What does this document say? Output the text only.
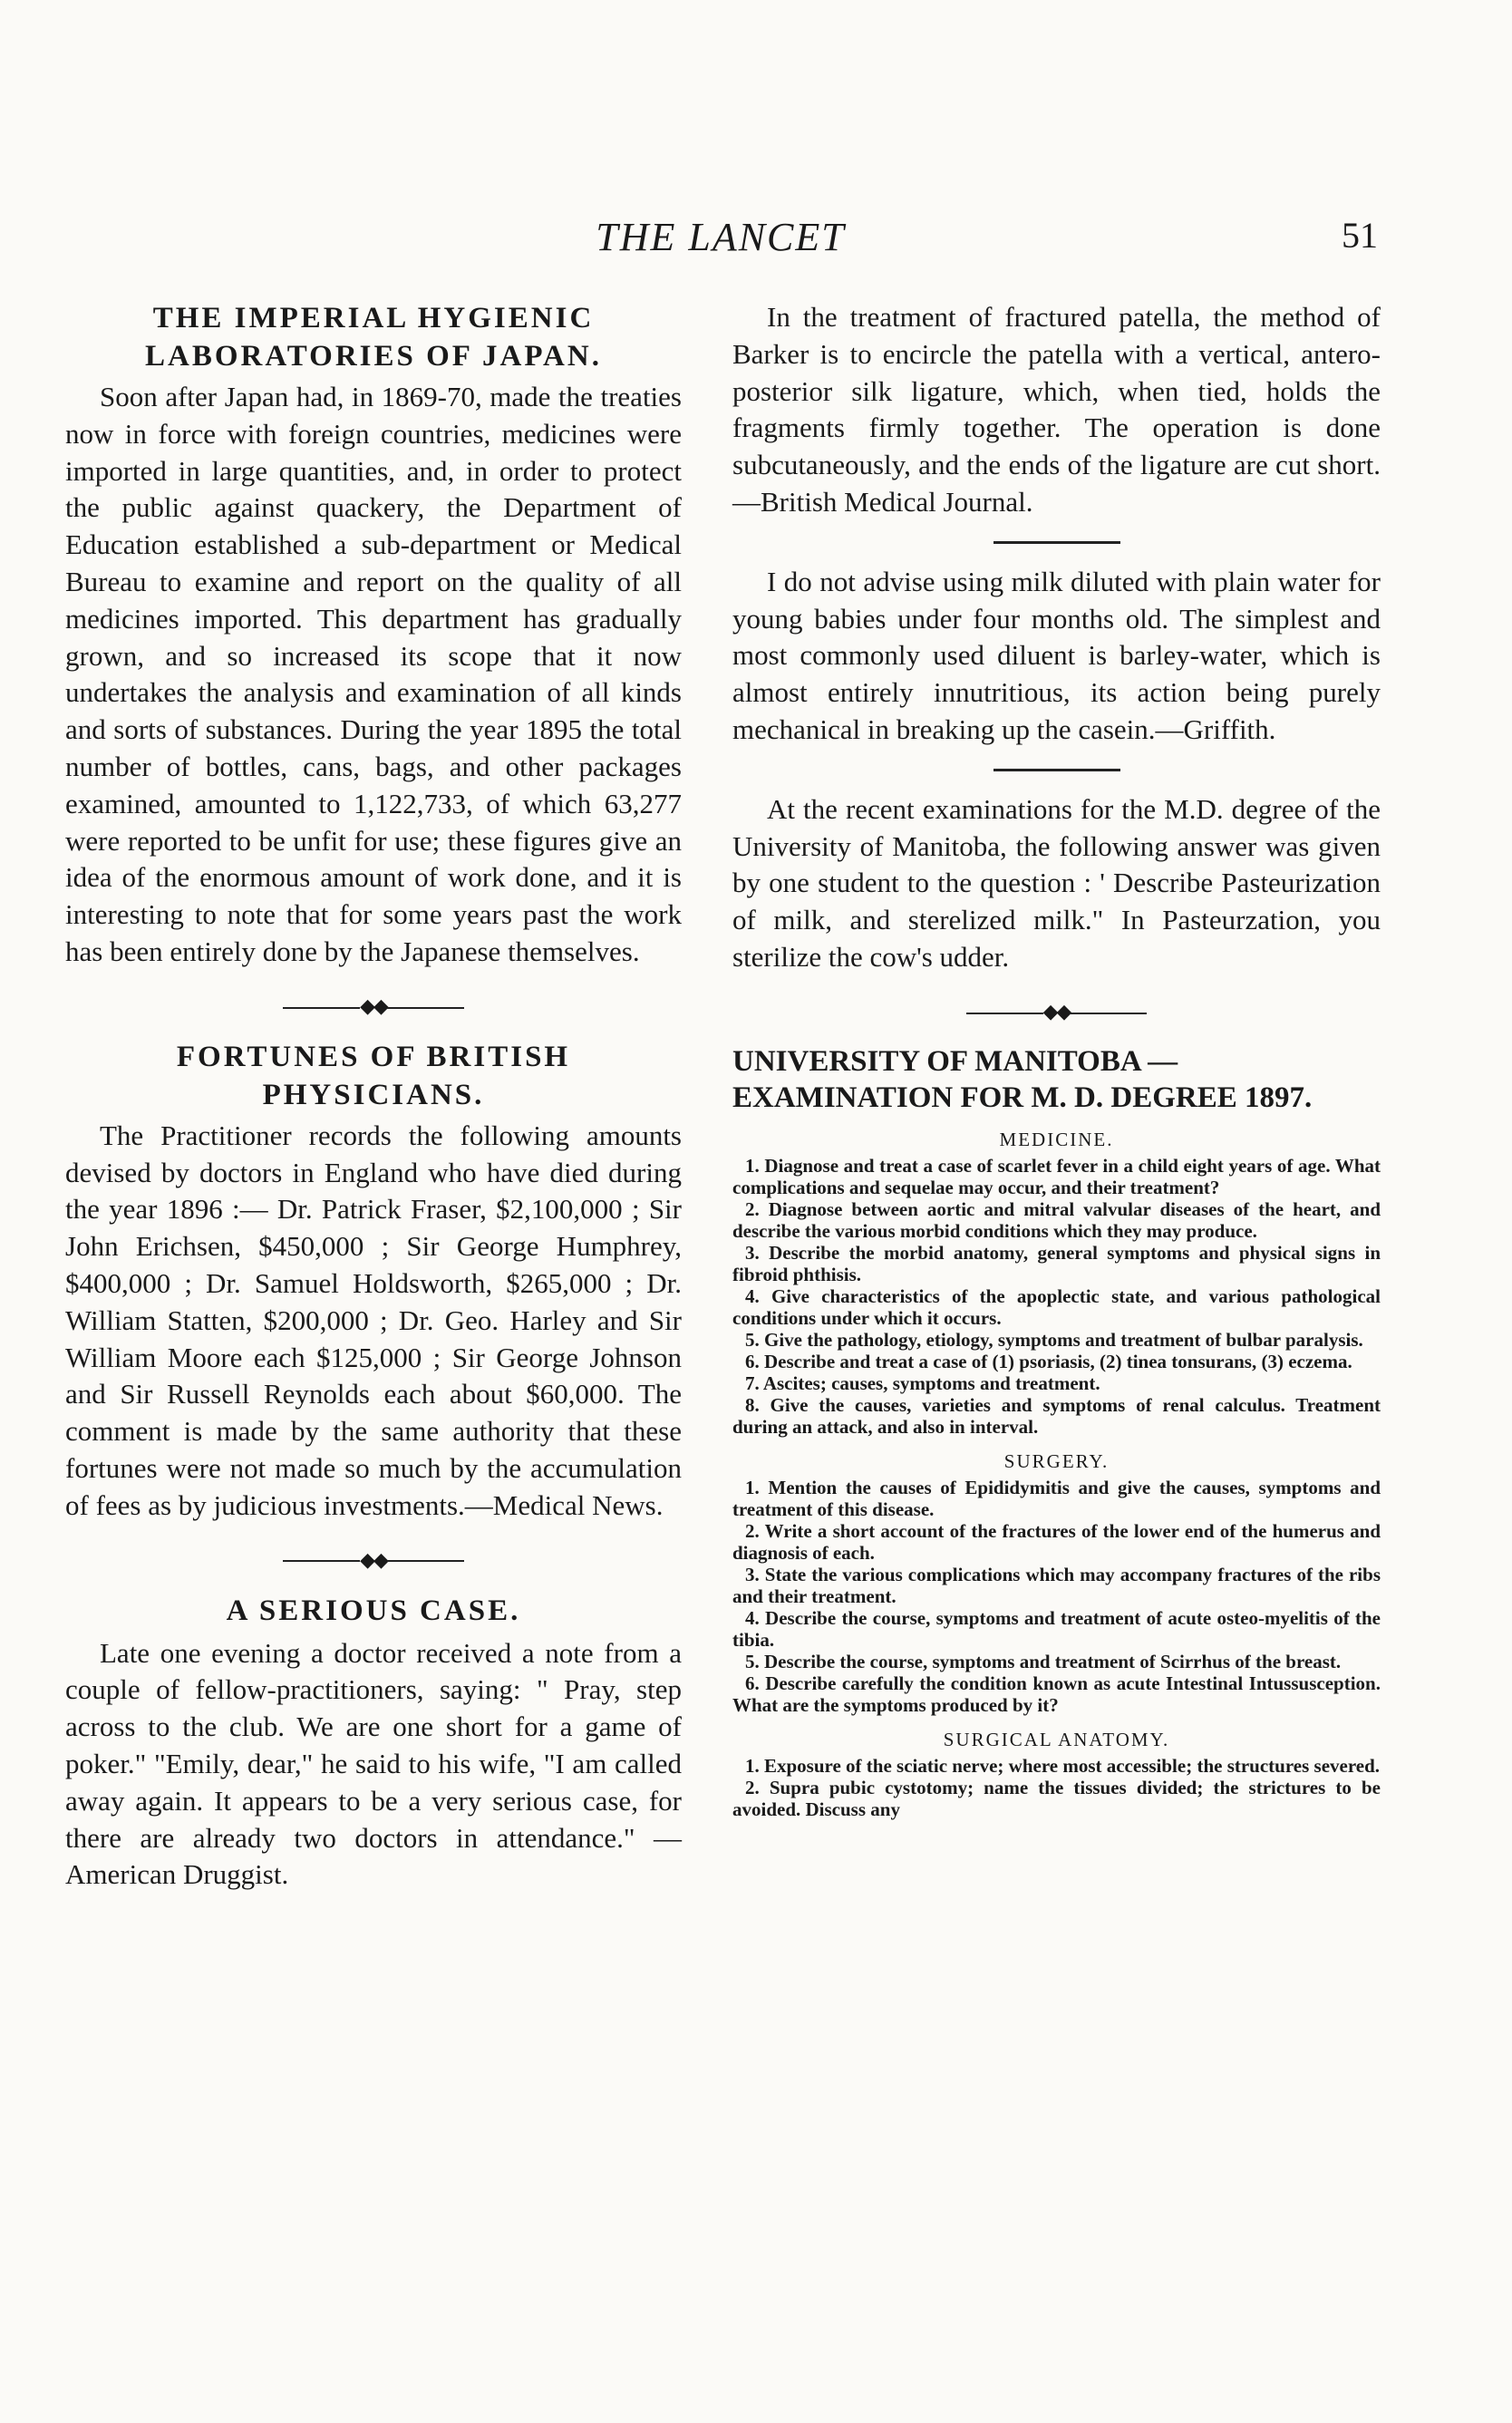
THE LANCET	51
THE IMPERIAL HYGIENIC LABORATORIES OF JAPAN.

Soon after Japan had, in 1869-70, made the treaties now in force with foreign countries, medicines were imported in large quantities, and, in order to protect the public against quackery, the Department of Education established a sub-department or Medical Bureau to examine and report on the quality of all medicines imported. This department has gradually grown, and so increased its scope that it now undertakes the analysis and examination of all kinds and sorts of substances. During the year 1895 the total number of bottles, cans, bags, and other packages examined, amounted to 1,122,733, of which 63,277 were reported to be unfit for use; these figures give an idea of the enormous amount of work done, and it is interesting to note that for some years past the work has been entirely done by the Japanese themselves.

◆◆
FORTUNES OF BRITISH PHYSICIANS.

The Practitioner records the following amounts devised by doctors in England who have died during the year 1896 :— Dr. Patrick Fraser, $2,100,000 ; Sir John Erichsen, $450,000 ; Sir George Humphrey, $400,000 ; Dr. Samuel Holdsworth, $265,000 ; Dr. William Statten, $200,000 ; Dr. Geo. Harley and Sir William Moore each $125,000 ; Sir George Johnson and Sir Russell Reynolds each about $60,000. The comment is made by the same authority that these fortunes were not made so much by the accumulation of fees as by judicious investments.—Medical News.

◆◆
A SERIOUS CASE.

Late one evening a doctor received a note from a couple of fellow-practitioners, saying: " Pray, step across to the club. We are one short for a game of poker." "Emily, dear," he said to his wife, "I am called away again. It appears to be a very serious case, for there are already two doctors in attendance." — American Druggist.

In the treatment of fractured patella, the method of Barker is to encircle the patella with a vertical, antero-posterior silk ligature, which, when tied, holds the fragments firmly together. The operation is done subcutaneously, and the ends of the ligature are cut short.—British Medical Journal.

I do not advise using milk diluted with plain water for young babies under four months old. The simplest and most commonly used diluent is barley-water, which is almost entirely innutritious, its action being purely mechanical in breaking up the casein.—Griffith.

At the recent examinations for the M.D. degree of the University of Manitoba, the following answer was given by one student to the question : ' Describe Pasteurization of milk, and sterelized milk." In Pasteurzation, you sterilize the cow's udder.

◆◆
UNIVERSITY OF MANITOBA — EXAMINATION FOR M. D. DEGREE 1897.
MEDICINE.
1. Diagnose and treat a case of scarlet fever in a child eight years of age. What complications and sequelae may occur, and their treatment?
2. Diagnose between aortic and mitral valvular diseases of the heart, and describe the various morbid conditions which they may produce.
3. Describe the morbid anatomy, general symptoms and physical signs in fibroid phthisis.
4. Give characteristics of the apoplectic state, and various pathological conditions under which it occurs.
5. Give the pathology, etiology, symptoms and treatment of bulbar paralysis.
6. Describe and treat a case of (1) psoriasis, (2) tinea tonsurans, (3) eczema.
7. Ascites; causes, symptoms and treatment.
8. Give the causes, varieties and symptoms of renal calculus. Treatment during an attack, and also in interval.
SURGERY.
1. Mention the causes of Epididymitis and give the causes, symptoms and treatment of this disease.
2. Write a short account of the fractures of the lower end of the humerus and diagnosis of each.
3. State the various complications which may accompany fractures of the ribs and their treatment.
4. Describe the course, symptoms and treatment of acute osteo-myelitis of the tibia.
5. Describe the course, symptoms and treatment of Scirrhus of the breast.
6. Describe carefully the condition known as acute Intestinal Intussusception. What are the symptoms produced by it?
SURGICAL ANATOMY.
1. Exposure of the sciatic nerve; where most accessible; the structures severed.
2. Supra pubic cystotomy; name the tissues divided; the strictures to be avoided. Discuss any
